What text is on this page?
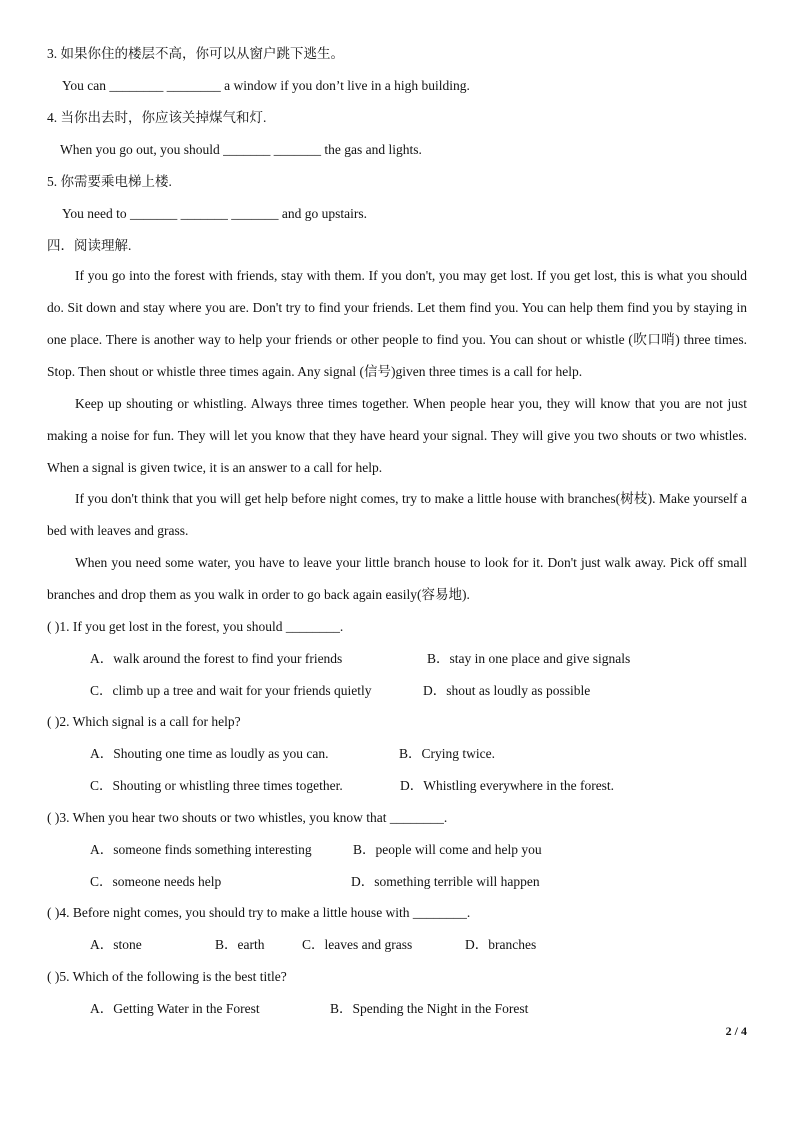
3. 如果你住的楼层不高，你可以从窗户跳下逃生。
You can ________ ________ a window if you don’t live in a high building.
4. 当你出去时，你应该关掉煤气和灯.
When you go out, you should _______ _______ the gas and lights.
5. 你需要乘电梯上楼.
You need to _______ _______ _______ and go upstairs.
四．阅读理解.
If you go into the forest with friends, stay with them. If you don't, you may get lost. If you get lost, this is what you should do. Sit down and stay where you are. Don't try to find your friends. Let them find you. You can help them find you by staying in one place. There is another way to help your friends or other people to find you. You can shout or whistle (吹口哨) three times. Stop. Then shout or whistle three times again. Any signal (信号)given three times is a call for help.
Keep up shouting or whistling. Always three times together. When people hear you, they will know that you are not just making a noise for fun. They will let you know that they have heard your signal. They will give you two shouts or two whistles. When a signal is given twice, it is an answer to a call for help.
If you don't think that you will get help before night comes, try to make a little house with branches(树枝). Make yourself a bed with leaves and grass.
When you need some water, you have to leave your little branch house to look for it. Don't just walk away. Pick off small branches and drop them as you walk in order to go back again easily(容易地).
( )1. If you get lost in the forest, you should ________.
A．walk around the forest to find your friends	B．stay in one place and give signals
C．climb up a tree and wait for your friends quietly	D．shout as loudly as possible
( )2. Which signal is a call for help?
A．Shouting one time as loudly as you can.	B．Crying twice.
C．Shouting or whistling three times together.	D．Whistling everywhere in the forest.
( )3. When you hear two shouts or two whistles, you know that ________.
A．someone finds something interesting	B．people will come and help you
C．someone needs help	D．something terrible will happen
( )4. Before night comes, you should try to make a little house with ________.
A．stone	B．earth	C．leaves and grass	D．branches
( )5. Which of the following is the best title?
A．Getting Water in the Forest	B．Spending the Night in the Forest
2 / 4
